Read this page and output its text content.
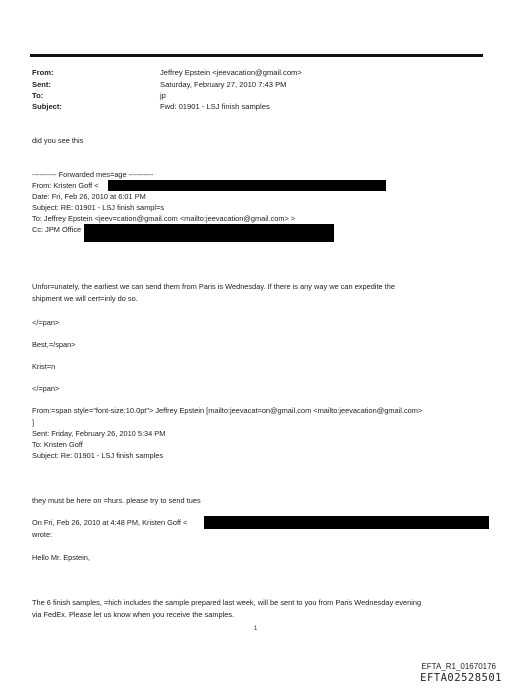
From:	Jeffrey Epstein <jeevacation@gmail.com>
Sent:	Saturday, February 27, 2010 7:43 PM
To:	jp
Subject:	Fwd: 01901 - LSJ finish samples
did you see this
---------- Forwarded mes=age ----------
From: Kristen Goff <
Date: Fri, Feb 26, 2010 at 6:01 PM
Subject: RE: 01901 - LSJ finish sampl=s
To: Jeffrey Epstein <jeev=cation@gmail.com <mailto:jeevacation@gmail.com> >
Cc: JPM Office
Unfor=unately, the earliest we can send them from Paris is Wednesday. If there is any way we can expedite the
shipment we will cert=inly do so.
</=pan>
Best,=/span>
Krist=n
</=pan>
From:=span style="font-size:10.0pt"> Jeffrey Epstein [mailto:jeevacat=on@gmail.com <mailto:jeevacation@gmail.com>
]
Sent: Friday, February 26, 2010 5:34 PM
To: Kristen Goff
Subject: Re: 01901 - LSJ finish samples
they must be here on =hurs. please try to send tues
On Fri, Feb 26, 2010 at 4:48 PM, Kristen Goff <
wrote:
Hello Mr. Epstein,
The 6 finish samples, =hich includes the sample prepared last week, will be sent to you from Paris Wednesday evening
via FedEx. Please let us know when you receive the samples.
1
EFTA_R1_01670176
EFTA02528501
